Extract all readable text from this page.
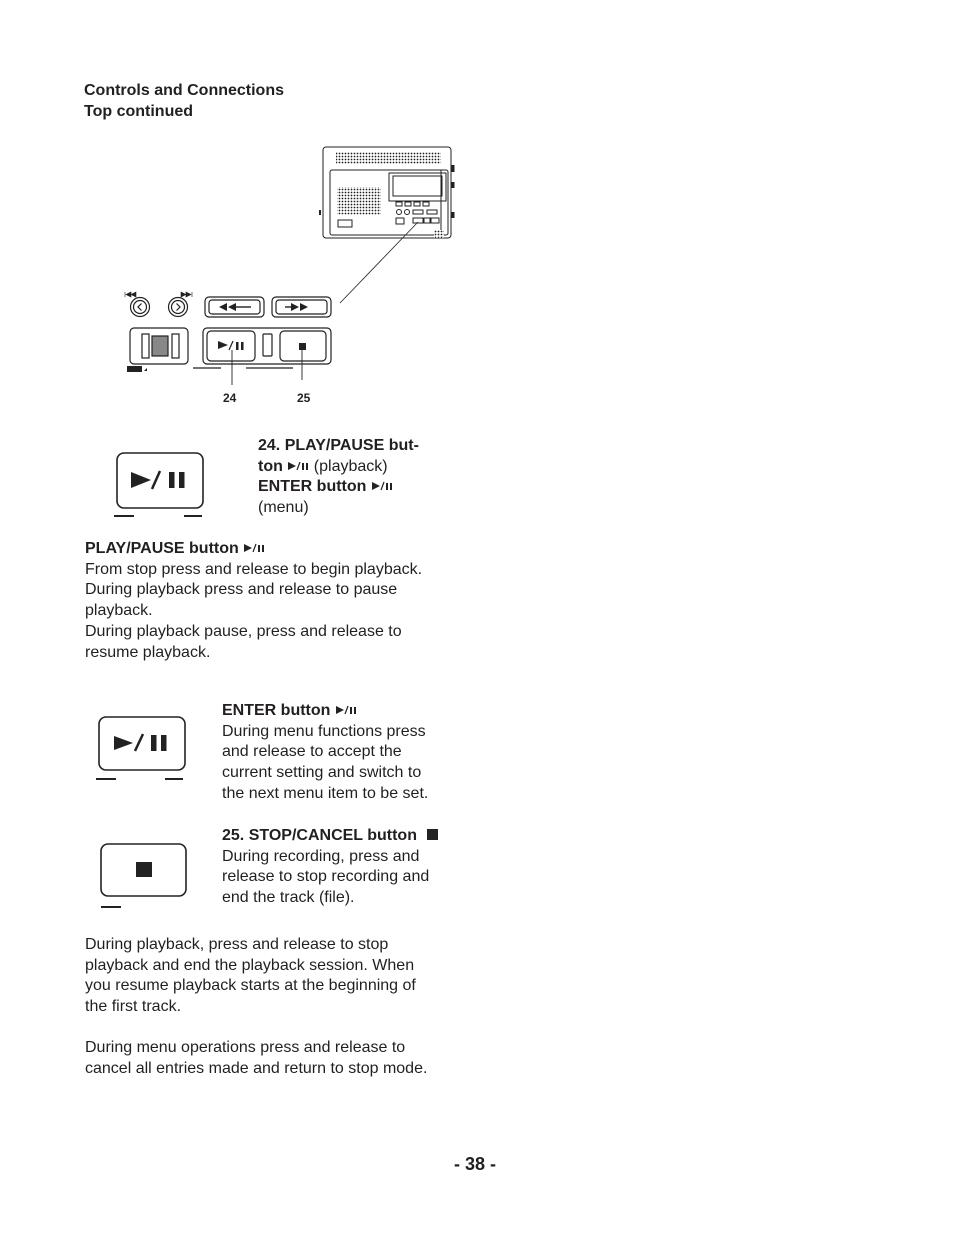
Controls and Connections
Top continued
24	25
24. PLAY/PAUSE but-
ton (playback)
ENTER button
(menu)
PLAY/PAUSE button
From stop press and release to begin playback.
During playback press and release to pause
playback.
During playback pause, press and release to
resume playback.
ENTER button
During menu functions press
and release to accept the
current setting and switch to
the next menu item to be set.
25. STOP/CANCEL button
During recording, press and
release to stop recording and
end the track (file).
During playback, press and release to stop
playback and end the playback session. When
you resume playback starts at the beginning of
the first track.
During menu operations press and release to
cancel all entries made and return to stop mode.
- 38 -
